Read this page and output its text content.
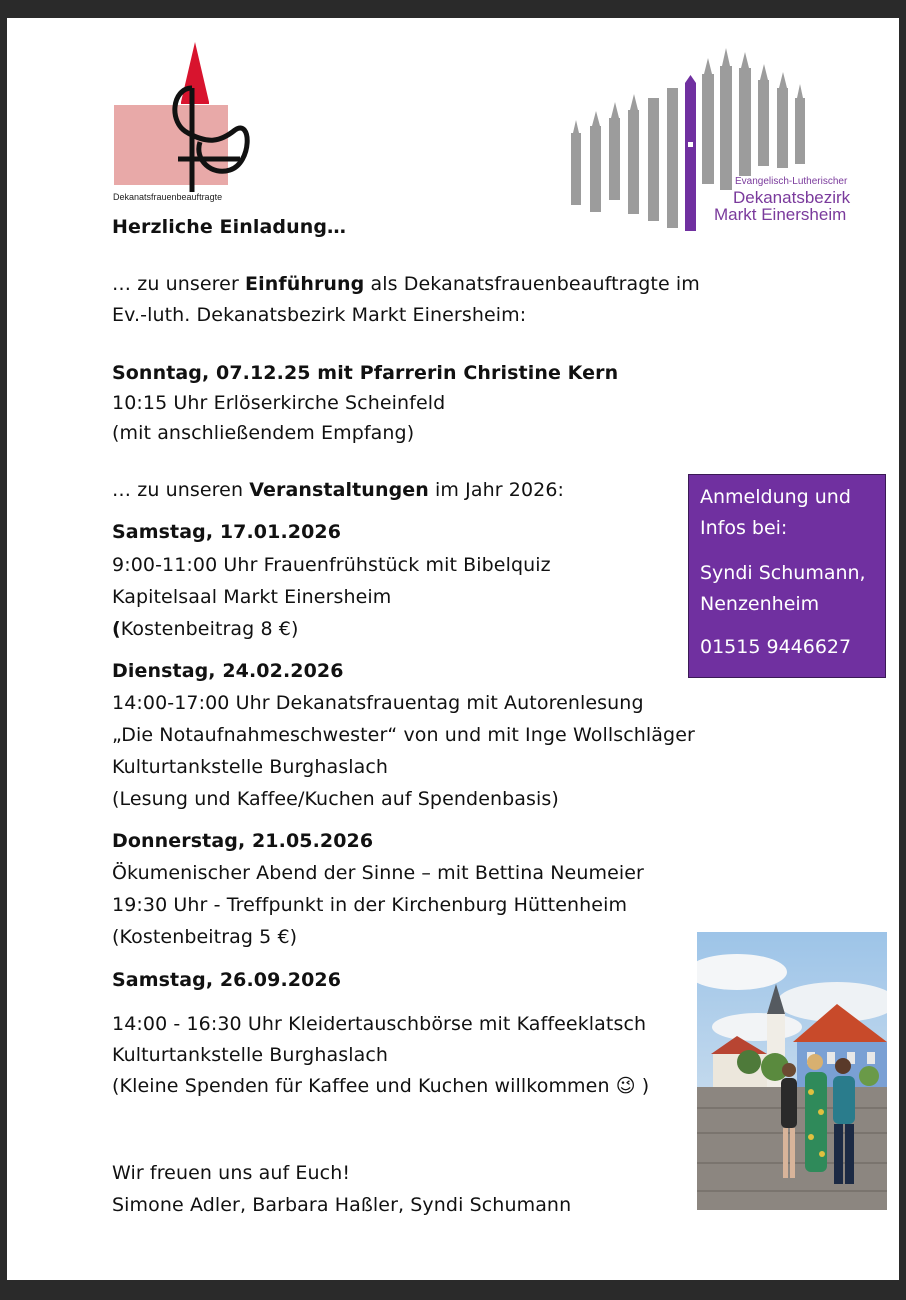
Dekanatsfrauenbeauftragte
Evangelisch-Lutherischer
Dekanatsbezirk
Markt Einersheim

Herzliche Einladung…

… zu unserer Einführung als Dekanatsfrauenbeauftragte im

Ev.-luth. Dekanatsbezirk Markt Einersheim:

Sonntag, 07.12.25 mit Pfarrerin Christine Kern

10:15 Uhr Erlöserkirche Scheinfeld

(mit anschließendem Empfang)

… zu unseren Veranstaltungen im Jahr 2026:

Samstag, 17.01.2026

9:00-11:00 Uhr Frauenfrühstück mit Bibelquiz

Kapitelsaal Markt Einersheim

(Kostenbeitrag 8 €)

Dienstag, 24.02.2026

14:00-17:00 Uhr Dekanatsfrauentag mit Autorenlesung

„Die Notaufnahmeschwester“ von und mit Inge Wollschläger

Kulturtankstelle Burghaslach

(Lesung und Kaffee/Kuchen auf Spendenbasis)

Donnerstag, 21.05.2026

Ökumenischer Abend der Sinne – mit Bettina Neumeier

19:30 Uhr - Treffpunkt in der Kirchenburg Hüttenheim

(Kostenbeitrag 5 €)

Samstag, 26.09.2026

14:00 - 16:30 Uhr Kleidertauschbörse mit Kaffeeklatsch

Kulturtankstelle Burghaslach

(Kleine Spenden für Kaffee und Kuchen willkommen 😉 )

Wir freuen uns auf Euch!

Simone Adler, Barbara Haßler, Syndi Schumann

Anmeldung und

Infos bei:

Syndi Schumann,

Nenzenheim

01515 9446627
